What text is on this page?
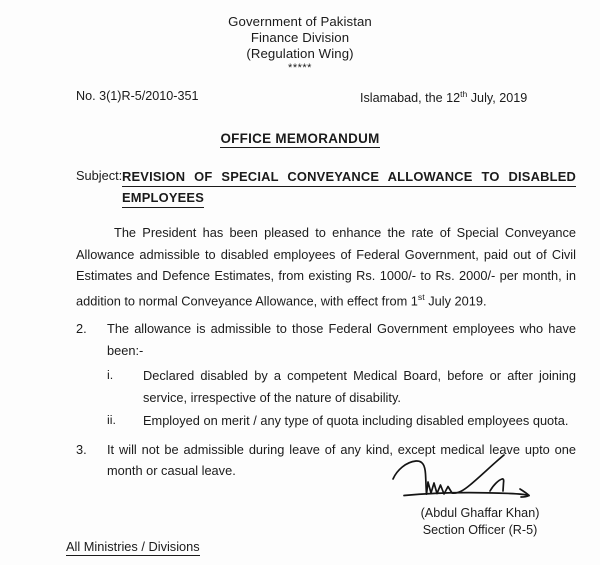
Government of Pakistan
Finance Division
(Regulation Wing)
*****
No. 3(1)R-5/2010-351	Islamabad, the 12th July, 2019
OFFICE MEMORANDUM
Subject: REVISION OF SPECIAL CONVEYANCE ALLOWANCE TO DISABLED
EMPLOYEES

The President has been pleased to enhance the rate of Special Conveyance Allowance admissible to disabled employees of Federal Government, paid out of Civil Estimates and Defence Estimates, from existing Rs. 1000/- to Rs. 2000/- per month, in addition to normal Conveyance Allowance, with effect from 1st July 2019.

2. The allowance is admissible to those Federal Government employees who have been:-
i. Declared disabled by a competent Medical Board, before or after joining service, irrespective of the nature of disability.
ii. Employed on merit / any type of quota including disabled employees quota.
3. It will not be admissible during leave of any kind, except medical leave upto one month or casual leave.
(Abdul Ghaffar Khan)
Section Officer (R-5)
All Ministries / Divisions
